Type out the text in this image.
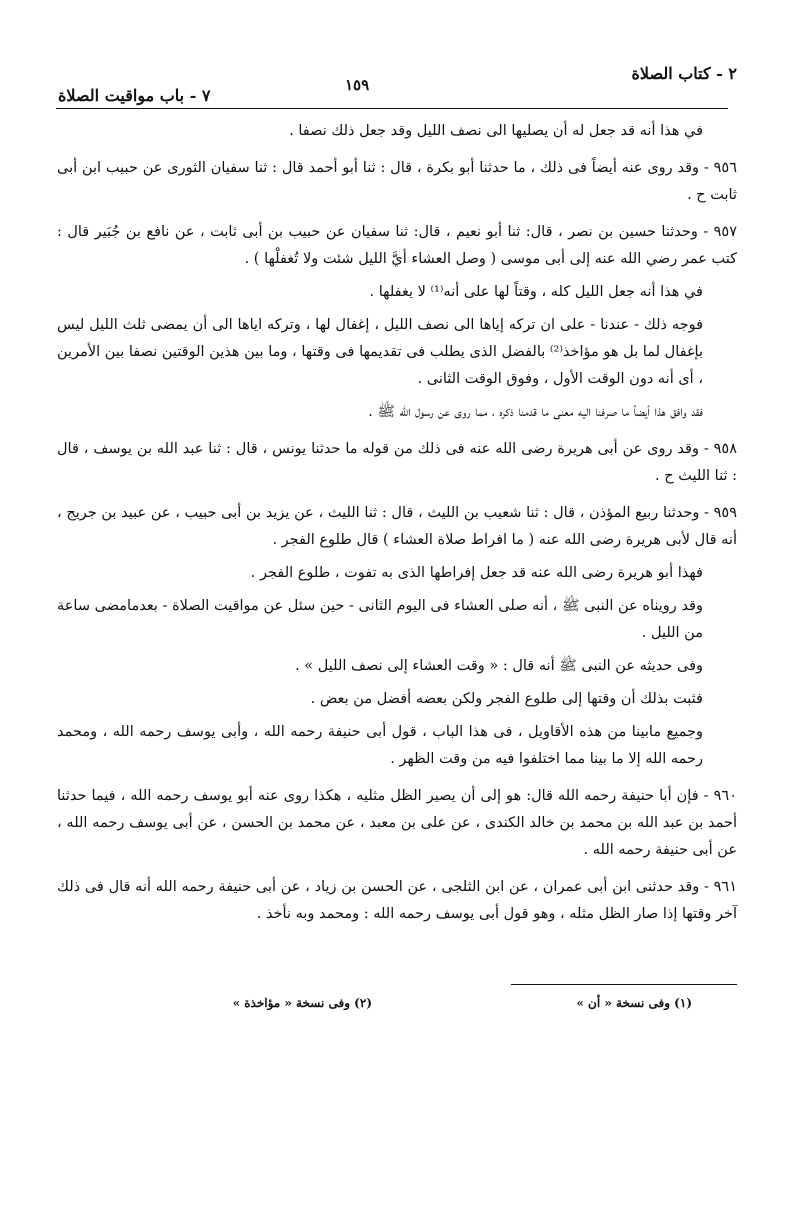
٢ - كتاب الصلاة
١٥٩
٧ - باب مواقيت الصلاة

في هذا أنه قد جعل له أن يصليها الى نصف الليل وقد جعل ذلك نصفا .

٩٥٦ - وقد روى عنه أيضاً فى ذلك ، ما حدثنا أبو بكرة ، قال : ثنا أبو أحمد قال : ثنا سفيان الثورى عن حبيب ابن أبى ثابت ح .

٩٥٧ - وحدثنا حسين بن نصر ، قال: ثنا أبو نعيم ، قال: ثنا سفيان عن حبيب بن أبى ثابت ، عن نافع بن جُبَير قال : كتب عمر رضي الله عنه إلى أبى موسى ( وصل العشاء أيَّ الليل شئت ولا تُغفلْها ) .

في هذا أنه جعل الليل كله ، وقتاً لها على أنه⁽¹⁾ لا يغفلها .

فوجه ذلك - عندنا - على ان تركه إياها الى نصف الليل ، إغفال لها ، وتركه اياها الى أن يمضى ثلث الليل ليس بإغفال لما بل هو مؤاخذ⁽²⁾ بالفضل الذى يطلب فى تقديمها فى وقتها ، وما بين هذين الوقتين نصفا بين الأمرين ، أى أنه دون الوقت الأول ، وفوق الوقت الثانى .

فقد وافق هذا أيضاً ما صرفنا اليه معنى ما قدمنا ذكره ، مما روى عن رسول الله ﷺ .

٩٥٨ - وقد روى عن أبى هريرة رضى الله عنه فى ذلك من قوله ما حدثنا يونس ، قال : ثنا عبد الله بن يوسف ، قال : ثنا الليث ح .

٩٥٩ - وحدثنا ربيع المؤذن ، قال : ثنا شعيب بن الليث ، قال : ثنا الليث ، عن يزيد بن أبى حبيب ، عن عبيد بن جريج ، أنه قال لأبى هريرة رضى الله عنه ( ما افراط صلاة العشاء ) قال طلوع الفجر .

فهذا أبو هريرة رضى الله عنه قد جعل إفراطها الذى به تفوت ، طلوع الفجر .

وقد رويناه عن النبى ﷺ ، أنه صلى العشاء فى اليوم الثانى - حين سئل عن مواقيت الصلاة - بعدمامضى ساعة من الليل .

وفى حديثه عن النبى ﷺ أنه قال : « وقت العشاء إلى نصف الليل » .

فثبت بذلك أن وقتها إلى طلوع الفجر ولكن بعضه أفضل من بعض .

وجميع مابينا من هذه الأقاويل ، فى هذا الباب ، قول أبى حنيفة رحمه الله ، وأبى يوسف رحمه الله ، ومحمد رحمه الله إلا ما بينا مما اختلفوا فيه من وقت الظهر .

٩٦٠ - فإن أبا حنيفة رحمه الله قال: هو إلى أن يصير الظل مثليه ، هكذا روى عنه أبو يوسف رحمه الله ، فيما حدثنا أحمد بن عبد الله بن محمد بن خالد الكندى ، عن على بن معبد ، عن محمد بن الحسن ، عن أبى يوسف رحمه الله ، عن أبى حنيفة رحمه الله .

٩٦١ - وقد حدثنى ابن أبى عمران ، عن ابن الثلجى ، عن الحسن بن زياد ، عن أبى حنيفة رحمه الله أنه قال فى ذلك آخر وقتها إذا صار الظل مثله ، وهو قول أبى يوسف رحمه الله : ومحمد وبه نأخذ .

(١) وفى نسخة « أن »
(٢) وفى نسخة « مؤاخذة »
